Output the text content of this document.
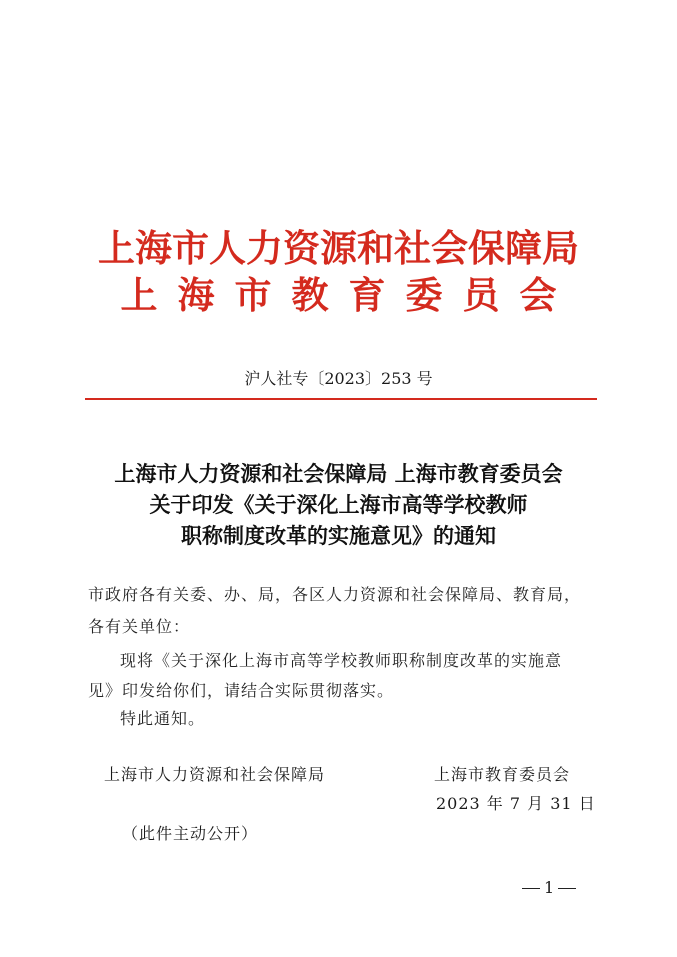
上海市人力资源和社会保障局
上海市教育委员会
沪人社专〔2023〕253 号
上海市人力资源和社会保障局 上海市教育委员会
关于印发《关于深化上海市高等学校教师
职称制度改革的实施意见》的通知
市政府各有关委、办、局，各区人力资源和社会保障局、教育局，
各有关单位：
现将《关于深化上海市高等学校教师职称制度改革的实施意
见》印发给你们，请结合实际贯彻落实。
特此通知。
上海市人力资源和社会保障局	上海市教育委员会
2023 年 7 月 31 日
（此件主动公开）
1
